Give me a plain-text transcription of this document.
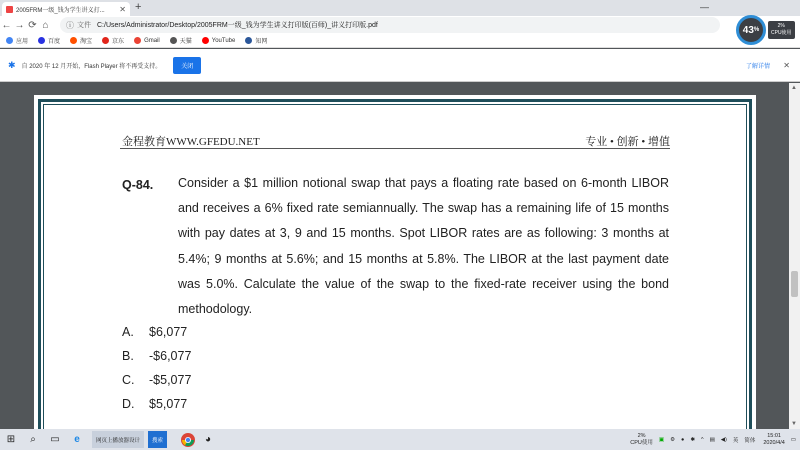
2005FRM一级_钱为学生讲义打...	✕ +	—
← → ⟳ ⌂	ⓘ 文件 C:/Users/Administrator/Desktop/2005FRM一级_钱为学生讲义打印版(百师)_讲义打印版.pdf
应用	百度	淘宝	京东	Gmail	天猫	YouTube	知网
✱ 自 2020 年 12 月开始，Flash Player 将不再受支持。	关闭	了解详情 ✕
43 %
2%
CPU使用
金程教育WWW.GFEDU.NET	专业 • 创新 • 增值
Q-84. Consider a $1 million notional swap that pays a floating rate based on 6-month LIBOR and receives a 6% fixed rate semiannually. The swap has a remaining life of 15 months with pay dates at 3, 9 and 15 months. Spot LIBOR rates are as following: 3 months at 5.4%; 9 months at 5.6%; and 15 months at 5.8%. The LIBOR at the last payment date was 5.0%. Calculate the value of the swap to the fixed-rate receiver using the bond methodology.
A. $6,077
B. -$6,077
C. -$5,077
D. $5,077
▲
▼
⊞	⌕	▭	e	网页上播放器设计 搜索	◕	2%
CPU使用 ▣ ⚙ ● ✱ ^ ▤ ◀) 英 简体
15:01
2020/4/4 ▭
